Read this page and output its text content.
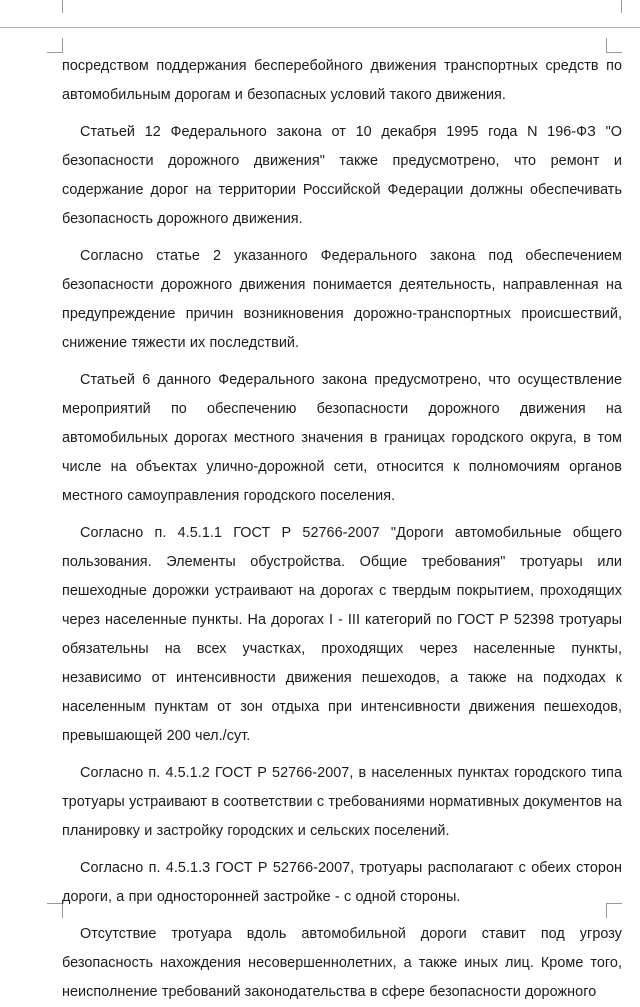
посредством поддержания бесперебойного движения транспортных средств по автомобильным дорогам и безопасных условий такого движения.

Статьей 12 Федерального закона от 10 декабря 1995 года N 196-ФЗ "О безопасности дорожного движения" также предусмотрено, что ремонт и содержание дорог на территории Российской Федерации должны обеспечивать безопасность дорожного движения.

Согласно статье 2 указанного Федерального закона под обеспечением безопасности дорожного движения понимается деятельность, направленная на предупреждение причин возникновения дорожно-транспортных происшествий, снижение тяжести их последствий.

Статьей 6 данного Федерального закона предусмотрено, что осуществление мероприятий по обеспечению безопасности дорожного движения на автомобильных дорогах местного значения в границах городского округа, в том числе на объектах улично-дорожной сети, относится к полномочиям органов местного самоуправления городского поселения.

Согласно п. 4.5.1.1 ГОСТ Р 52766-2007 "Дороги автомобильные общего пользования. Элементы обустройства. Общие требования" тротуары или пешеходные дорожки устраивают на дорогах с твердым покрытием, проходящих через населенные пункты. На дорогах I - III категорий по ГОСТ Р 52398 тротуары обязательны на всех участках, проходящих через населенные пункты, независимо от интенсивности движения пешеходов, а также на подходах к населенным пунктам от зон отдыха при интенсивности движения пешеходов, превышающей 200 чел./сут.

Согласно п. 4.5.1.2 ГОСТ Р 52766-2007, в населенных пунктах городского типа тротуары устраивают в соответствии с требованиями нормативных документов на планировку и застройку городских и сельских поселений.

Согласно п. 4.5.1.3 ГОСТ Р 52766-2007, тротуары располагают с обеих сторон дороги, а при односторонней застройке - с одной стороны.

Отсутствие тротуара вдоль автомобильной дороги ставит под угрозу безопасность нахождения несовершеннолетних, а также иных лиц. Кроме того, неисполнение требований законодательства в сфере безопасности дорожного
